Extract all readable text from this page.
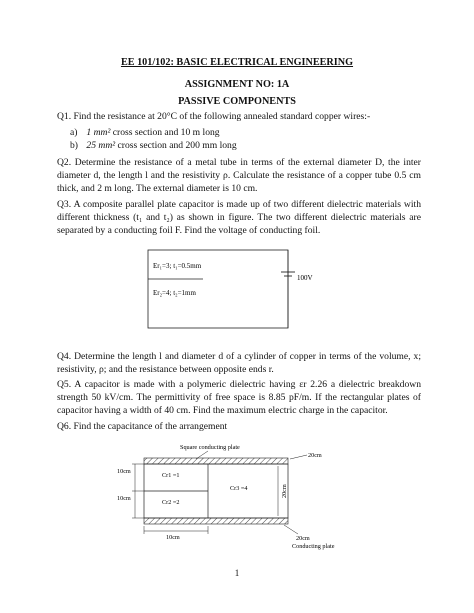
EE 101/102: BASIC ELECTRICAL ENGINEERING
ASSIGNMENT NO: 1A
PASSIVE COMPONENTS
Q1. Find the resistance at 20°C of the following annealed standard copper wires:-
a) 1 mm² cross section and 10 m long
b) 25 mm² cross section and 200 mm long
Q2. Determine the resistance of a metal tube in terms of the external diameter D, the inter diameter d, the length l and the resistivity ρ. Calculate the resistance of a copper tube 0.5 cm thick, and 2 m long. The external diameter is 10 cm.
Q3. A composite parallel plate capacitor is made up of two different dielectric materials with different thickness (t₁ and t₂) as shown in figure. The two different dielectric materials are separated by a conducting foil F. Find the voltage of conducting foil.
Er₁=3; t₁=0.5mm
Er₂=4; t₂=1mm
100V
Q4. Determine the length l and diameter d of a cylinder of copper in terms of the volume, x; resistivity, ρ; and the resistance between opposite ends r.
Q5. A capacitor is made with a polymeric dielectric having εr 2.26 a dielectric breakdown strength 50 kV/cm. The permittivity of free space is 8.85 pF/m. If the rectangular plates of capacitor having a width of 40 cm. Find the maximum electric charge in the capacitor.
Q6. Find the capacitance of the arrangement
Square conducting plate
20cm
10cm
10cm
Cr1 =1
Cr2 =2
Cr3 =4	20cm
10cm	20cm
Conducting plate
1
